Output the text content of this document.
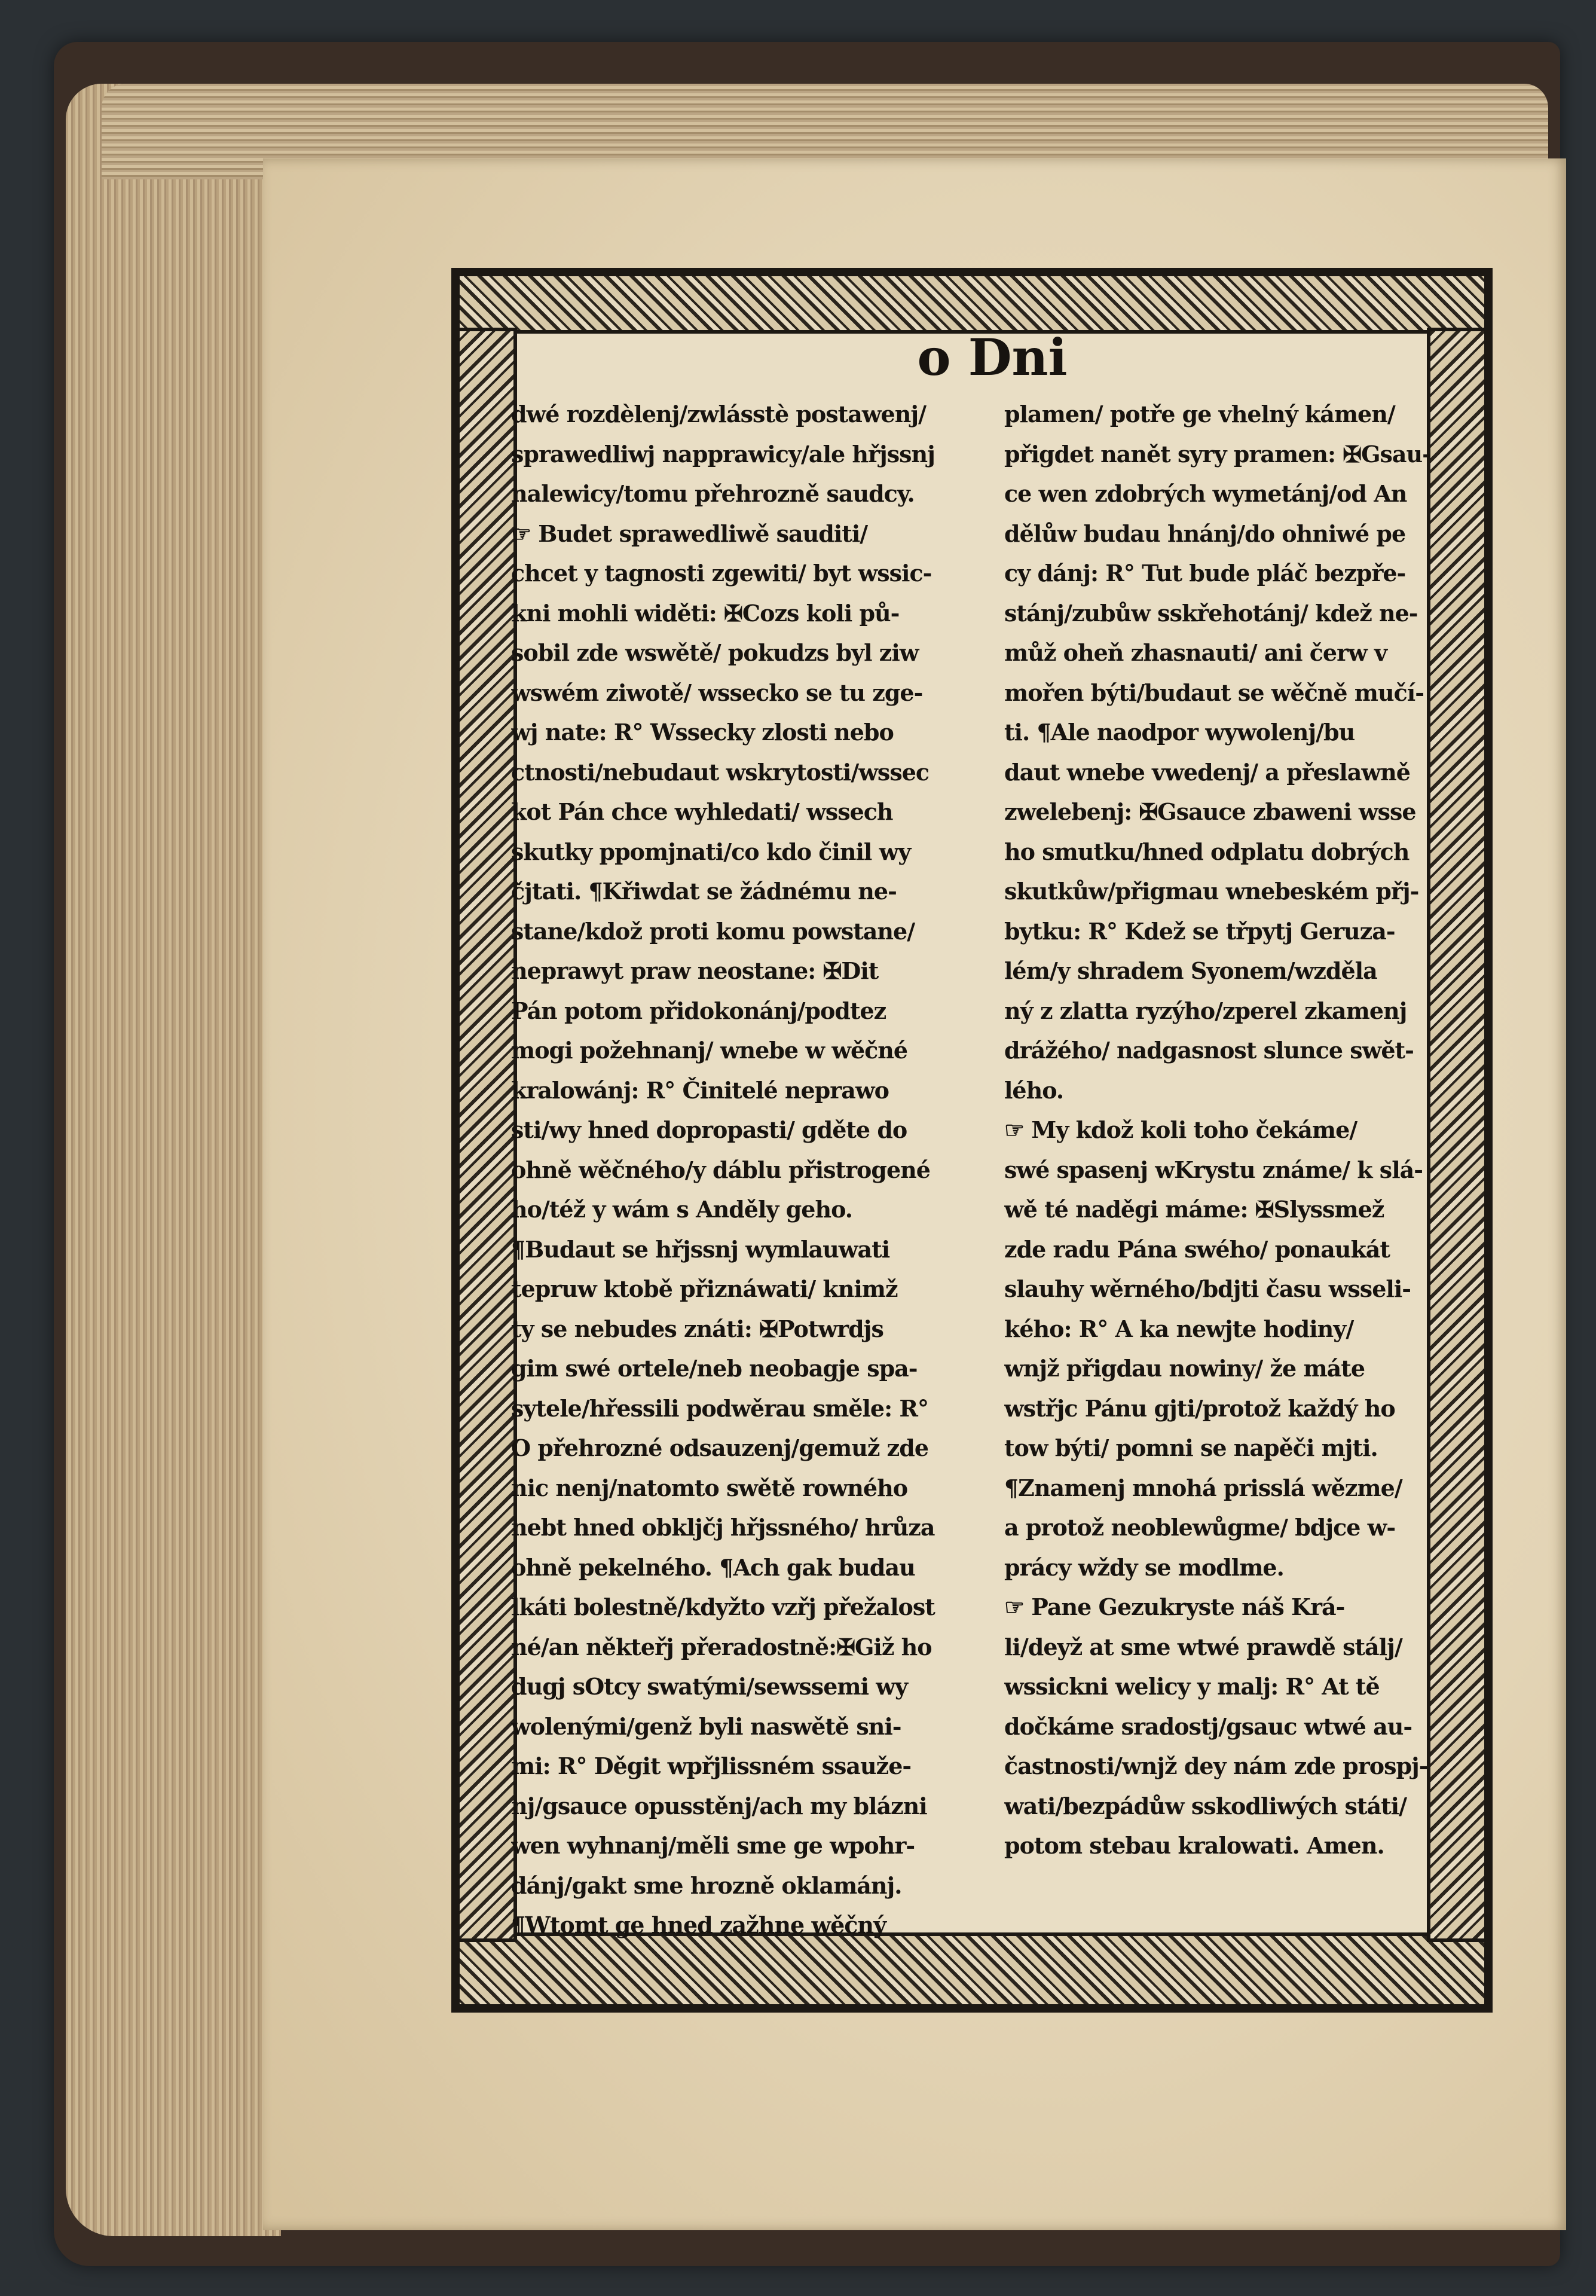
o Dni
dwé rozdèlenj/zwlásstè postawenj/
sprawedliwj napprawicy/ale hřjssnj
nalewicy/tomu přehrozně saudcy.
☞ Budet sprawedliwě sauditi/
chcet y tagnosti zgewiti/ byt wssic-
kni mohli widěti: ✠Cozs koli pů-
sobil zde wswětě/ pokudzs byl ziw
wswém ziwotě/ wssecko se tu zge-
wj nate: R° Wssecky zlosti nebo
ctnosti/nebudaut wskrytosti/wssec
kot Pán chce wyhledati/ wssech
skutky ppomjnati/co kdo činil wy
čjtati. ¶Křiwdat se žádnému ne-
stane/kdož proti komu powstane/
neprawyt praw neostane: ✠Dit
Pán potom přidokonánj/podtez
mogi požehnanj/ wnebe w wěčné
kralowánj: R° Činitelé neprawo
sti/wy hned dopropasti/ gděte do
ohně wěčného/y dáblu přistrogené
ho/též y wám s Anděly geho.
¶Budaut se hřjssnj wymlauwati
tepruw ktobě přiznáwati/ knimž
ty se nebudes znáti: ✠Potwrdjs
gim swé ortele/neb neobagje spa-
sytele/hřessili podwěrau směle: R°
O přehrozné odsauzenj/gemuž zde
nic nenj/natomto swětě rowného
nebt hned obkljčj hřjssného/ hrůza
ohně pekelného. ¶Ach gak budau
lkáti bolestně/kdyžto vzřj přežalost
né/an někteřj přeradostně:✠Giž ho
dugj sOtcy swatými/sewssemi wy
wolenými/genž byli naswětě sni-
mi: R° Děgit wpřjlissném ssauže-
nj/gsauce opusstěnj/ach my blázni
wen wyhnanj/měli sme ge wpohr-
dánj/gakt sme hrozně oklamánj.
¶Wtomt ge hned zažhne wěčný
plamen/ potře ge vhelný kámen/
přigdet nanět syry pramen: ✠Gsau-
ce wen zdobrých wymetánj/od An
dělůw budau hnánj/do ohniwé pe
cy dánj: R° Tut bude pláč bezpře-
stánj/zubůw sskřehotánj/ kdež ne-
můž oheň zhasnauti/ ani čerw v
mořen býti/budaut se wěčně mučí-
ti. ¶Ale naodpor wywolenj/bu
daut wnebe vwedenj/ a přeslawně
zwelebenj: ✠Gsauce zbaweni wsse
ho smutku/hned odplatu dobrých
skutkůw/přigmau wnebeském přj-
bytku: R° Kdež se třpytj Geruza-
lém/y shradem Syonem/wzděla
ný z zlatta ryzýho/zperel zkamenj
drážého/ nadgasnost slunce swět-
lého.
☞ My kdož koli toho čekáme/
swé spasenj wKrystu známe/ k slá-
wě té naděgi máme: ✠Slyssmež
zde radu Pána swého/ ponaukát
slauhy wěrného/bdjti času wsseli-
kého: R° A ka newjte hodiny/
wnjž přigdau nowiny/ že máte
wstřjc Pánu gjti/protož každý ho
tow býti/ pomni se napěči mjti.
¶Znamenj mnohá prisslá wězme/
a protož neoblewůgme/ bdjce w-
prácy wždy se modlme.
☞ Pane Gezukryste náš Krá-
li/deyž at sme wtwé prawdě stálj/
wssickni welicy y malj: R° At tě
dočkáme sradostj/gsauc wtwé au-
častnosti/wnjž dey nám zde prospj-
wati/bezpádůw sskodliwých státi/
potom stebau kralowati. Amen.
